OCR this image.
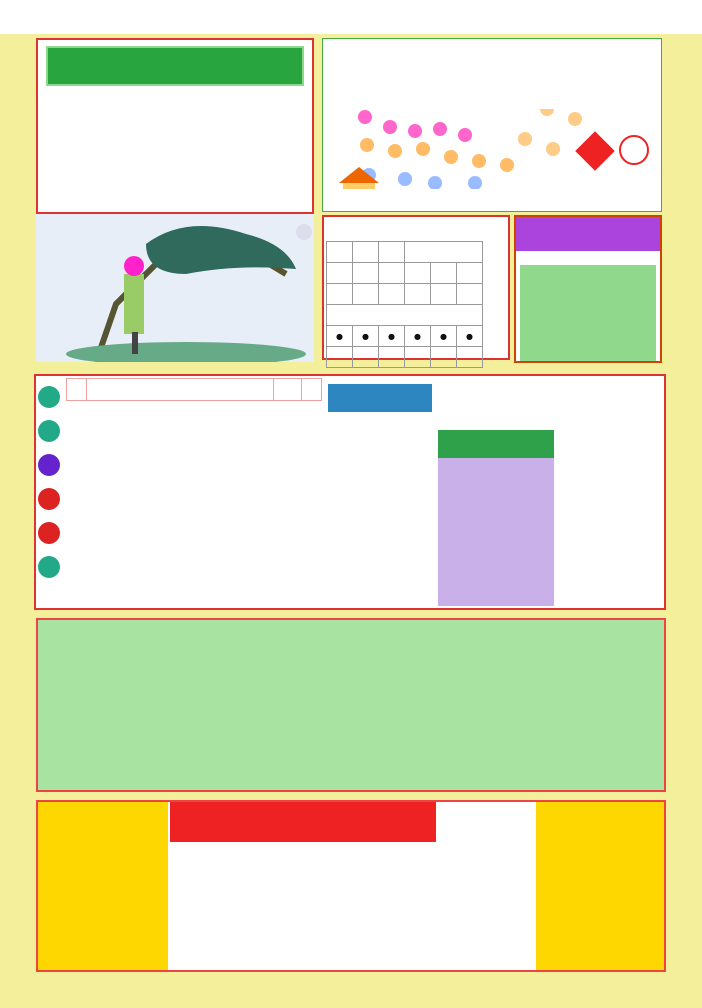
●	●	●	●	●	●
